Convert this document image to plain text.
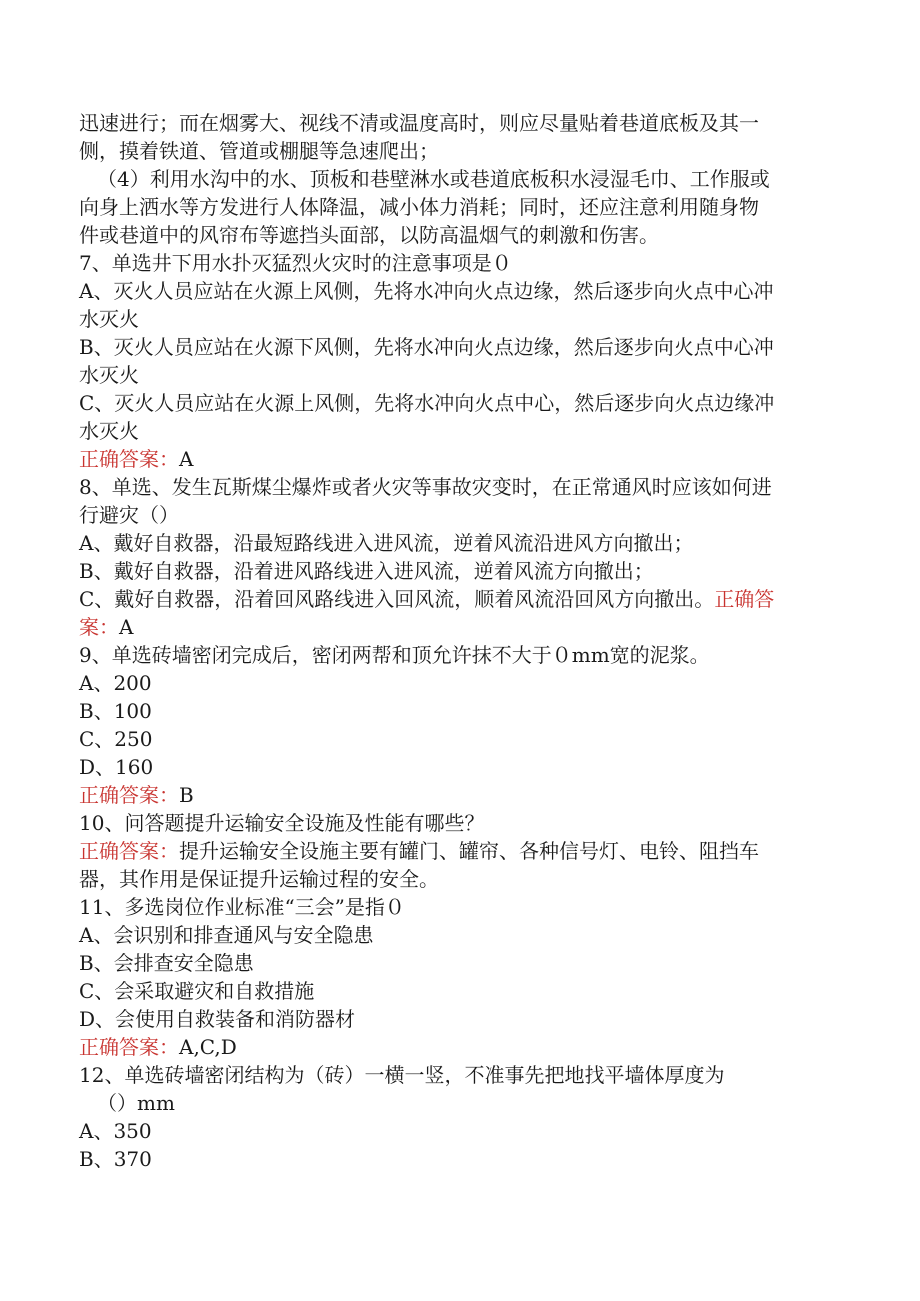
迅速进行；而在烟雾大、视线不清或温度高时，则应尽量贴着巷道底板及其一
侧，摸着铁道、管道或棚腿等急速爬出；
（4）利用水沟中的水、顶板和巷壁淋水或巷道底板积水浸湿毛巾、工作服或
向身上洒水等方发进行人体降温，减小体力消耗；同时，还应注意利用随身物
件或巷道中的风帘布等遮挡头面部，以防高温烟气的刺激和伤害。
7、单选井下用水扑灭猛烈火灾时的注意事项是０
A、灭火人员应站在火源上风侧，先将水冲向火点边缘，然后逐步向火点中心冲
水灭火
B、灭火人员应站在火源下风侧，先将水冲向火点边缘，然后逐步向火点中心冲
水灭火
C、灭火人员应站在火源上风侧，先将水冲向火点中心，然后逐步向火点边缘冲
水灭火
正确答案：A
8、单选、发生瓦斯煤尘爆炸或者火灾等事故灾变时，在正常通风时应该如何进
行避灾（）
A、戴好自救器，沿最短路线进入进风流，逆着风流沿进风方向撤出；
B、戴好自救器，沿着进风路线进入进风流，逆着风流方向撤出；
C、戴好自救器，沿着回风路线进入回风流，顺着风流沿回风方向撤出。正确答
案：A
9、单选砖墙密闭完成后，密闭两帮和顶允许抹不大于０mm宽的泥浆。
A、200
B、100
C、250
D、160
正确答案：B
10、问答题提升运输安全设施及性能有哪些？
正确答案：提升运输安全设施主要有罐门、罐帘、各种信号灯、电铃、阻挡车
器，其作用是保证提升运输过程的安全。
11、多选岗位作业标准“三会”是指０
A、会识别和排查通风与安全隐患
B、会排查安全隐患
C、会采取避灾和自救措施
D、会使用自救装备和消防器材
正确答案：A,C,D
12、单选砖墙密闭结构为（砖）一横一竖，不准事先把地找平墙体厚度为
（）mm
A、350
B、370
